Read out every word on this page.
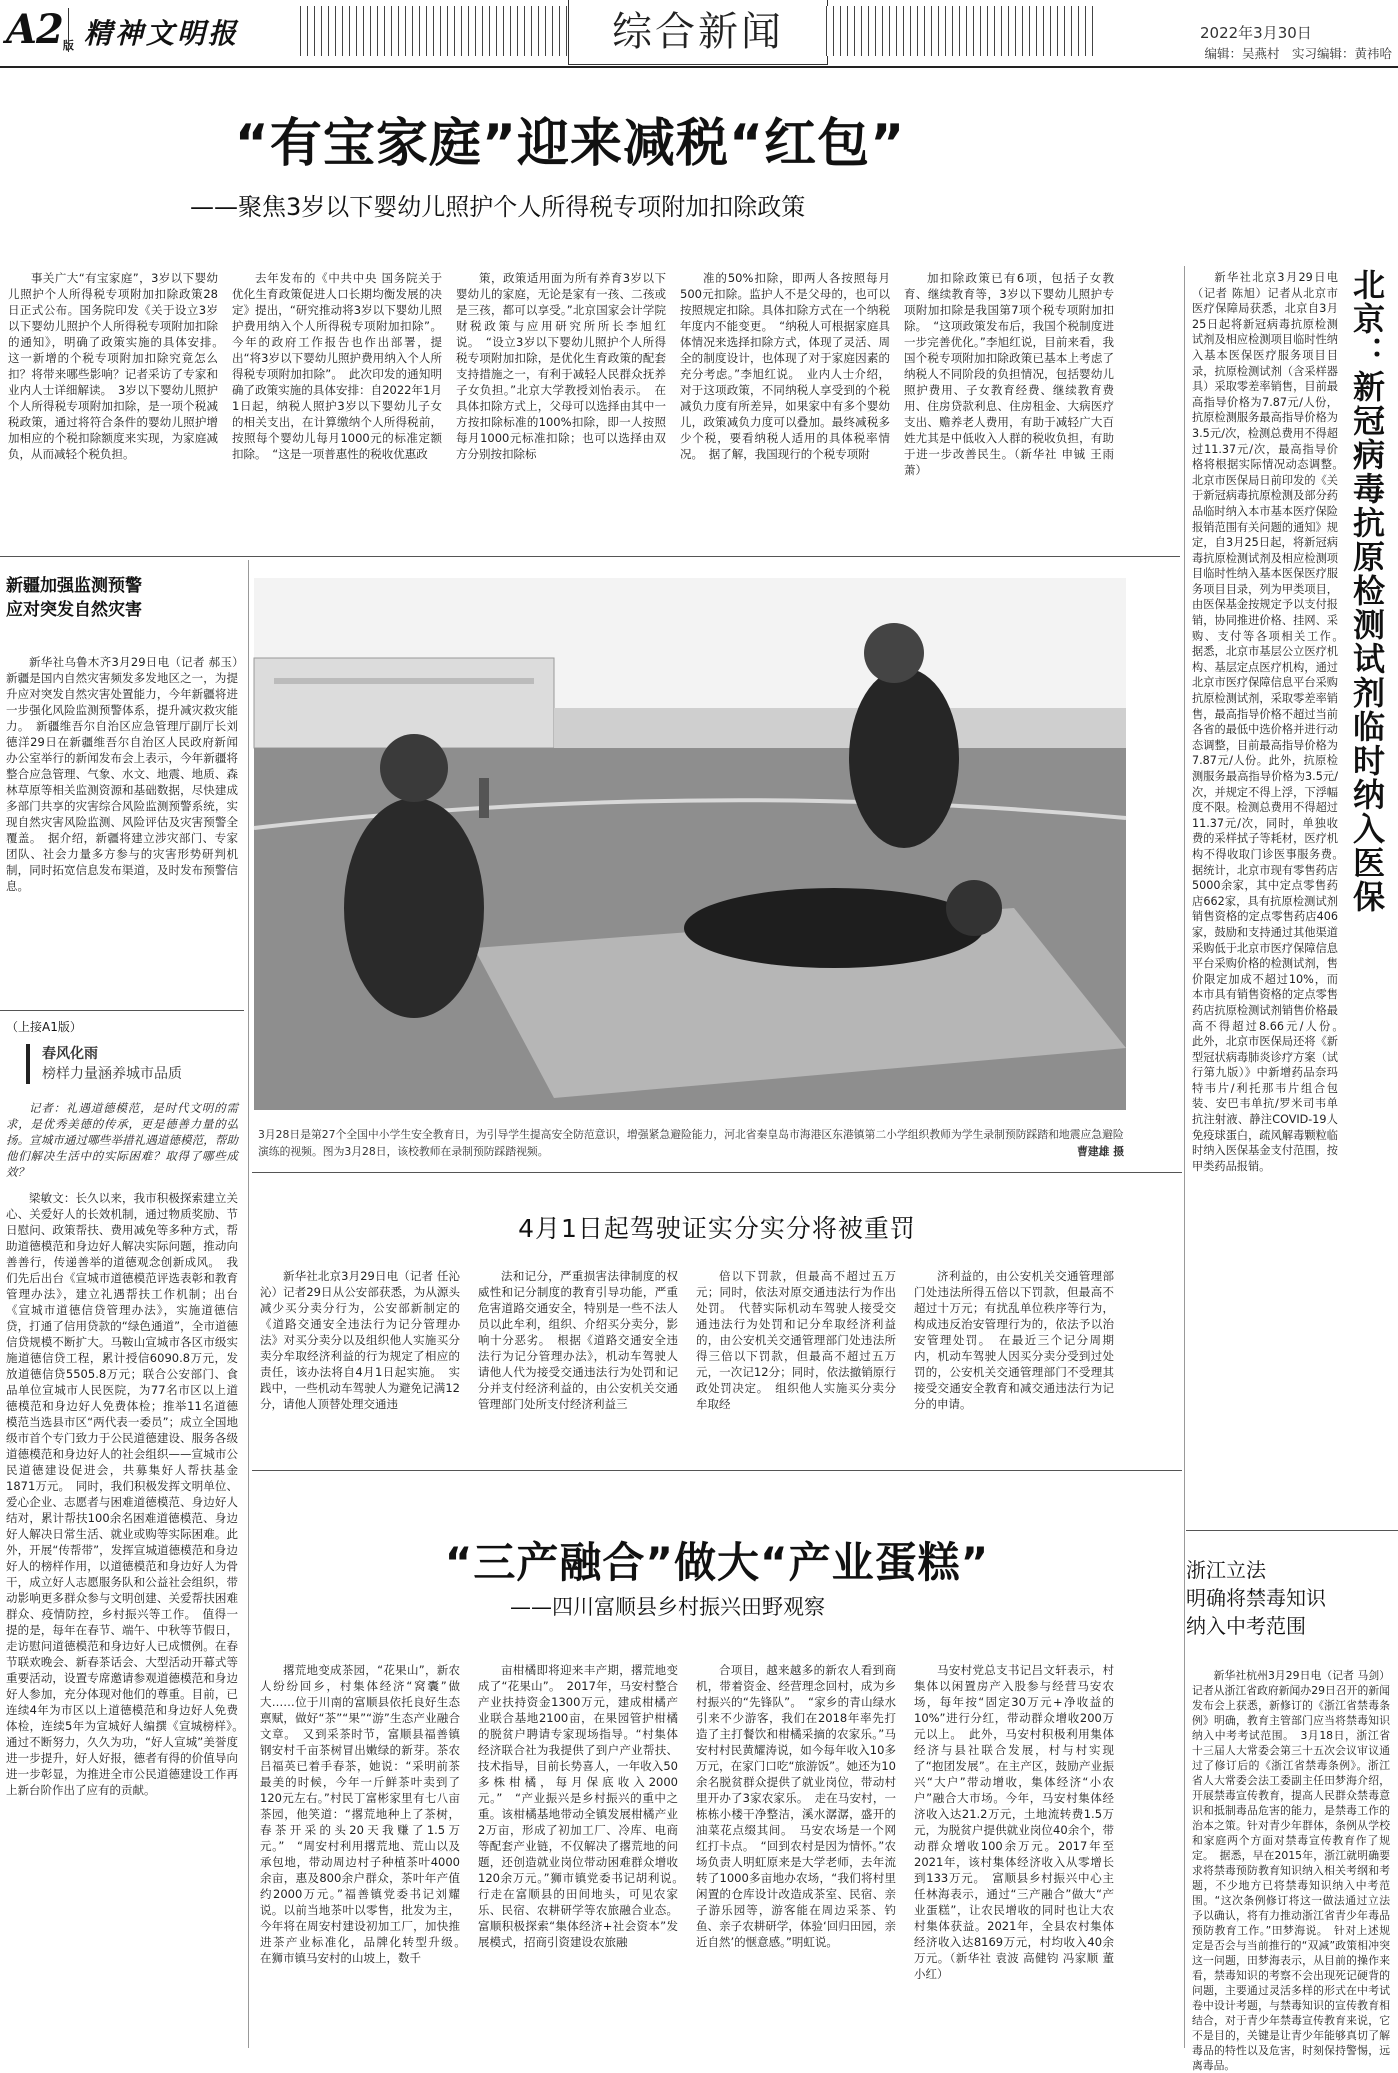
A2版 精神文明报	综合新闻	2022年3月30日
编辑：吴燕村　实习编辑：黄祎哈
“有宝家庭”迎来减税“红包”
——聚焦3岁以下婴幼儿照护个人所得税专项附加扣除政策
事关广大“有宝家庭”，3岁以下婴幼儿照护个人所得税专项附加扣除政策28日正式公布。国务院印发《关于设立3岁以下婴幼儿照护个人所得税专项附加扣除的通知》，明确了政策实施的具体安排。　这一新增的个税专项附加扣除究竟怎么扣？将带来哪些影响？记者采访了专家和业内人士详细解读。　3岁以下婴幼儿照护个人所得税专项附加扣除，是一项个税减税政策，通过将符合条件的婴幼儿照护增加相应的个税扣除额度来实现，为家庭减负，从而减轻个税负担。
去年发布的《中共中央 国务院关于优化生育政策促进人口长期均衡发展的决定》提出，“研究推动将3岁以下婴幼儿照护费用纳入个人所得税专项附加扣除”。今年的政府工作报告也作出部署，提出“将3岁以下婴幼儿照护费用纳入个人所得税专项附加扣除”。　此次印发的通知明确了政策实施的具体安排：自2022年1月1日起，纳税人照护3岁以下婴幼儿子女的相关支出，在计算缴纳个人所得税前，按照每个婴幼儿每月1000元的标准定额扣除。　“这是一项普惠性的税收优惠政
策，政策适用面为所有养育3岁以下婴幼儿的家庭，无论是家有一孩、二孩或是三孩，都可以享受。”北京国家会计学院财税政策与应用研究所所长李旭红说。　“设立3岁以下婴幼儿照护个人所得税专项附加扣除，是优化生育政策的配套支持措施之一，有利于减轻人民群众抚养子女负担。”北京大学教授刘怡表示。　在具体扣除方式上，父母可以选择由其中一方按扣除标准的100%扣除，即一人按照每月1000元标准扣除；也可以选择由双方分别按扣除标
准的50%扣除，即两人各按照每月500元扣除。监护人不是父母的，也可以按照规定扣除。具体扣除方式在一个纳税年度内不能变更。　“纳税人可根据家庭具体情况来选择扣除方式，体现了灵活、周全的制度设计，也体现了对于家庭因素的充分考虑。”李旭红说。　业内人士介绍，对于这项政策，不同纳税人享受到的个税减负力度有所差异，如果家中有多个婴幼儿，政策减负力度可以叠加。最终减税多少个税，要看纳税人适用的具体税率情况。　据了解，我国现行的个税专项附
加扣除政策已有6项，包括子女教育、继续教育等，3岁以下婴幼儿照护专项附加扣除是我国第7项个税专项附加扣除。　“这项政策发布后，我国个税制度进一步完善优化。”李旭红说，目前来看，我国个税专项附加扣除政策已基本上考虑了纳税人不同阶段的负担情况，包括婴幼儿照护费用、子女教育经费、继续教育费用、住房贷款利息、住房租金、大病医疗支出、赡养老人费用，有助于减轻广大百姓尤其是中低收入人群的税收负担，有助于进一步改善民生。（新华社 申铖 王雨萧）	北京：新冠病毒抗原检测试剂临时纳入医保
新华社北京3月29日电（记者 陈旭）记者从北京市医疗保障局获悉，北京自3月25日起将新冠病毒抗原检测试剂及相应检测项目临时性纳入基本医保医疗服务项目目录，抗原检测试剂（含采样器具）采取零差率销售，目前最高指导价格为7.87元/人份，抗原检测服务最高指导价格为3.5元/次，检测总费用不得超过11.37元/次，最高指导价格将根据实际情况动态调整。　北京市医保局日前印发的《关于新冠病毒抗原检测及部分药品临时纳入本市基本医疗保险报销范围有关问题的通知》规定，自3月25日起，将新冠病毒抗原检测试剂及相应检测项目临时性纳入基本医保医疗服务项目目录，列为甲类项目，由医保基金按规定予以支付报销，协同推进价格、挂网、采购、支付等各项相关工作。　据悉，北京市基层公立医疗机构、基层定点医疗机构，通过北京市医疗保障信息平台采购抗原检测试剂，采取零差率销售，最高指导价格不超过当前各省的最低中选价格并进行动态调整，目前最高指导价格为7.87元/人份。此外，抗原检测服务最高指导价格为3.5元/次，并规定不得上浮，下浮幅度不限。检测总费用不得超过11.37元/次，同时，单独收费的采样拭子等耗材，医疗机构不得收取门诊医事服务费。　据统计，北京市现有零售药店5000余家，其中定点零售药店662家，具有抗原检测试剂销售资格的定点零售药店406家，鼓励和支持通过其他渠道采购低于北京市医疗保障信息平台采购价格的检测试剂，售价限定加成不超过10%，而本市具有销售资格的定点零售药店抗原检测试剂销售价格最高不得超过8.66元/人份。　此外，北京市医保局还将《新型冠状病毒肺炎诊疗方案（试行第九版）》中新增药品奈玛特韦片/利托那韦片组合包装、安巴韦单抗/罗米司韦单抗注射液、静注COVID-19人免疫球蛋白，疏风解毒颗粒临时纳入医保基金支付范围，按甲类药品报销。
新疆加强监测预警
应对突发自然灾害
新华社乌鲁木齐3月29日电（记者 郝玉）新疆是国内自然灾害频发多发地区之一，为提升应对突发自然灾害处置能力，今年新疆将进一步强化风险监测预警体系，提升减灾救灾能力。　新疆维吾尔自治区应急管理厅副厅长刘德洋29日在新疆维吾尔自治区人民政府新闻办公室举行的新闻发布会上表示，今年新疆将整合应急管理、气象、水文、地震、地质、森林草原等相关监测资源和基础数据，尽快建成多部门共享的灾害综合风险监测预警系统，实现自然灾害风险监测、风险评估及灾害预警全覆盖。　据介绍，新疆将建立涉灾部门、专家团队、社会力量多方参与的灾害形势研判机制，同时拓宽信息发布渠道，及时发布预警信息。
（上接A1版）
春风化雨
榜样力量涵养城市品质
记者：礼遇道德模范，是时代文明的需求，是优秀美德的传承，更是德善力量的弘扬。宣城市通过哪些举措礼遇道德模范，帮助他们解决生活中的实际困难？取得了哪些成效？
梁敏文：长久以来，我市积极探索建立关心、关爱好人的长效机制，通过物质奖励、节日慰问、政策帮扶、费用减免等多种方式，帮助道德模范和身边好人解决实际问题，推动向善善行，传递善举的道德观念创新成风。　我们先后出台《宣城市道德模范评选表彰和教育管理办法》，建立礼遇帮扶工作机制；出台《宣城市道德信贷管理办法》，实施道德信贷，打通了信用贷款的“绿色通道”，全市道德信贷规模不断扩大。马鞍山宣城市各区市级实施道德信贷工程，累计授信6090.8万元，发放道德信贷5505.8万元；联合公安部门、食品单位宣城市人民医院，为77名市区以上道德模范和身边好人免费体检；推举11名道德模范当选县市区“两代表一委员”；成立全国地级市首个专门致力于公民道德建设、服务各级道德模范和身边好人的社会组织——宣城市公民道德建设促进会，共募集好人帮扶基金1871万元。　同时，我们积极发挥文明单位、爱心企业、志愿者与困难道德模范、身边好人结对，累计帮扶100余名困难道德模范、身边好人解决日常生活、就业或购等实际困难。此外，开展“传帮带”，发挥宣城道德模范和身边好人的榜样作用，以道德模范和身边好人为骨干，成立好人志愿服务队和公益社会组织，带动影响更多群众参与文明创建、关爱帮扶困难群众、疫情防控，乡村振兴等工作。　值得一提的是，每年在春节、端午、中秋等节假日，走访慰问道德模范和身边好人已成惯例。在春节联欢晚会、新春茶话会、大型活动开幕式等重要活动，设置专席邀请参观道德模范和身边好人参加，充分体现对他们的尊重。目前，已连续4年为市区以上道德模范和身边好人免费体检，连续5年为宣城好人编撰《宣城榜样》。　通过不断努力，久久为功，“好人宣城”美誉度进一步提升，好人好报，德者有得的价值导向进一步彰显，为推进全市公民道德建设工作再上新台阶作出了应有的贡献。
3月28日是第27个全国中小学生安全教育日，为引导学生提高安全防范意识，增强紧急避险能力，河北省秦皇岛市海港区东港镇第二小学组织教师为学生录制预防踩踏和地震应急避险演练的视频。图为3月28日，该校教师在录制预防踩踏视频。	曹建雄 摄
4月1日起驾驶证实分实分将被重罚
新华社北京3月29日电（记者 任沁沁）记者29日从公安部获悉，为从源头减少买分卖分行为，公安部新制定的《道路交通安全违法行为记分管理办法》对买分卖分以及组织他人实施买分卖分牟取经济利益的行为规定了相应的责任，该办法将自4月1日起实施。　实践中，一些机动车驾驶人为避免记满12分，请他人顶替处理交通违
法和记分，严重损害法律制度的权威性和记分制度的教育引导功能，严重危害道路交通安全，特别是一些不法人员以此牟利，组织、介绍买分卖分，影响十分恶劣。　根据《道路交通安全违法行为记分管理办法》，机动车驾驶人请他人代为接受交通违法行为处罚和记分并支付经济利益的，由公安机关交通管理部门处所支付经济利益三
倍以下罚款，但最高不超过五万元；同时，依法对原交通违法行为作出处罚。　代替实际机动车驾驶人接受交通违法行为处罚和记分牟取经济利益的，由公安机关交通管理部门处违法所得三倍以下罚款，但最高不超过五万元，一次记12分；同时，依法撤销原行政处罚决定。　组织他人实施买分卖分牟取经
济利益的，由公安机关交通管理部门处违法所得五倍以下罚款，但最高不超过十万元；有扰乱单位秩序等行为，构成违反治安管理行为的，依法予以治安管理处罚。　在最近三个记分周期内，机动车驾驶人因买分卖分受到过处罚的，公安机关交通管理部门不受理其接受交通安全教育和减交通违法行为记分的申请。
“三产融合”做大“产业蛋糕”
——四川富顺县乡村振兴田野观察
撂荒地变成茶园，“花果山”，新农人纷纷回乡，村集体经济“窝囊”做大……位于川南的富顺县依托良好生态禀赋，做好“茶”“果”“游”生态产业融合文章。　又到采茶时节，富顺县福善镇钢安村千亩茶树冒出嫩绿的新芽。茶农吕福英已着手春茶，她说：“采明前茶最美的时候，今年一斤鲜茶叶卖到了120元左右。”村民丁富彬家里有七八亩茶园，他笑道：“撂荒地种上了茶树，春茶开采的头20天我赚了1.5万元。”　“周安村利用撂荒地、荒山以及承包地，带动周边村子种植茶叶4000余亩，惠及800余户群众，茶叶年产值约2000万元。”福善镇党委书记刘耀说。以前当地茶叶以零售，批发为主，今年将在周安村建设初加工厂，加快推进茶产业标准化，品牌化转型升级。　在狮市镇马安村的山坡上，数千
亩柑橘即将迎来丰产期，撂荒地变成了“花果山”。　2017年，马安村整合产业扶持资金1300万元，建成柑橘产业联合基地2100亩，在果园管护柑橘的脱贫户聘请专家现场指导。“村集体经济联合社为我提供了到户产业帮扶、技术指导，目前长势喜人，一年收入50多株柑橘，每月保底收入2000元。”　“产业振兴是乡村振兴的重中之重。该柑橘基地带动全镇发展柑橘产业2万亩，形成了初加工厂、冷库、电商等配套产业链，不仅解决了撂荒地的问题，还创造就业岗位带动困难群众增收120余万元。”狮市镇党委书记胡利说。　行走在富顺县的田间地头，可见农家乐、民宿、农耕研学等农旅融合业态。富顺积极探索“集体经济+社会资本”发展模式，招商引资建设农旅融
合项目，越来越多的新农人看到商机，带着资金、经营理念回村，成为乡村振兴的“先锋队”。　“家乡的青山绿水引来不少游客，我们在2018年率先打造了主打餐饮和柑橘采摘的农家乐。”马安村村民黄耀涛说，如今每年收入10多万元，在家门口吃“旅游饭”。她还为10余名脱贫群众提供了就业岗位，带动村里开办了3家农家乐。　走在马安村，一栋栋小楼干净整洁，溪水潺潺，盛开的油菜花点缀其间。　马安农场是一个网红打卡点。　“回到农村是因为情怀。”农场负责人明虹原来是大学老师，去年流转了1000多亩地办农场，“我们将村里闲置的仓库设计改造成茶室、民宿、亲子游乐园等，游客能在周边采茶、钓鱼、亲子农耕研学，体验‘回归田园，亲近自然’的惬意感。”明虹说。
马安村党总支书记吕文轩表示，村集体以闲置房产入股参与经营马安农场，每年按“固定30万元+净收益的10%”进行分红，带动群众增收200万元以上。　此外，马安村积极利用集体经济与县社联合发展，村与村实现了“抱团发展”。在主产区，鼓励产业振兴“大户”带动增收，集体经济“小农户”融合大市场。今年，马安村集体经济收入达21.2万元，土地流转费1.5万元，为脱贫户提供就业岗位40余个，带动群众增收100余万元。2017年至2021年，该村集体经济收入从零增长到133万元。　富顺县乡村振兴中心主任林海表示，通过“三产融合”做大“产业蛋糕”，让农民增收的同时也让大农村集体获益。2021年，全县农村集体经济收入达8169万元，村均收入40余万元。（新华社 袁波 高健钧 冯家顺 董小红）
浙江立法
明确将禁毒知识
纳入中考范围
新华社杭州3月29日电（记者 马剑）记者从浙江省政府新闻办29日召开的新闻发布会上获悉，新修订的《浙江省禁毒条例》明确，教育主管部门应当将禁毒知识纳入中考考试范围。　3月18日，浙江省十三届人大常委会第三十五次会议审议通过了修订后的《浙江省禁毒条例》。浙江省人大常委会法工委副主任田梦海介绍，开展禁毒宣传教育，提高人民群众禁毒意识和抵制毒品危害的能力，是禁毒工作的治本之策。针对青少年群体，条例从学校和家庭两个方面对禁毒宣传教育作了规定。　据悉，早在2015年，浙江就明确要求将禁毒预防教育知识纳入相关考纲和考题，不少地方已将禁毒知识纳入中考范围。“这次条例修订将这一做法通过立法予以确认，将有力推动浙江省青少年毒品预防教育工作。”田梦海说。　针对上述规定是否会与当前推行的“双减”政策相冲突这一问题，田梦海表示，从目前的操作来看，禁毒知识的考察不会出现死记硬背的问题，主要通过灵活多样的形式在中考试卷中设计考题，与禁毒知识的宣传教育相结合，对于青少年禁毒宣传教育来说，它不是目的，关键是让青少年能够真切了解毒品的特性以及危害，时刻保持警惕，远离毒品。
